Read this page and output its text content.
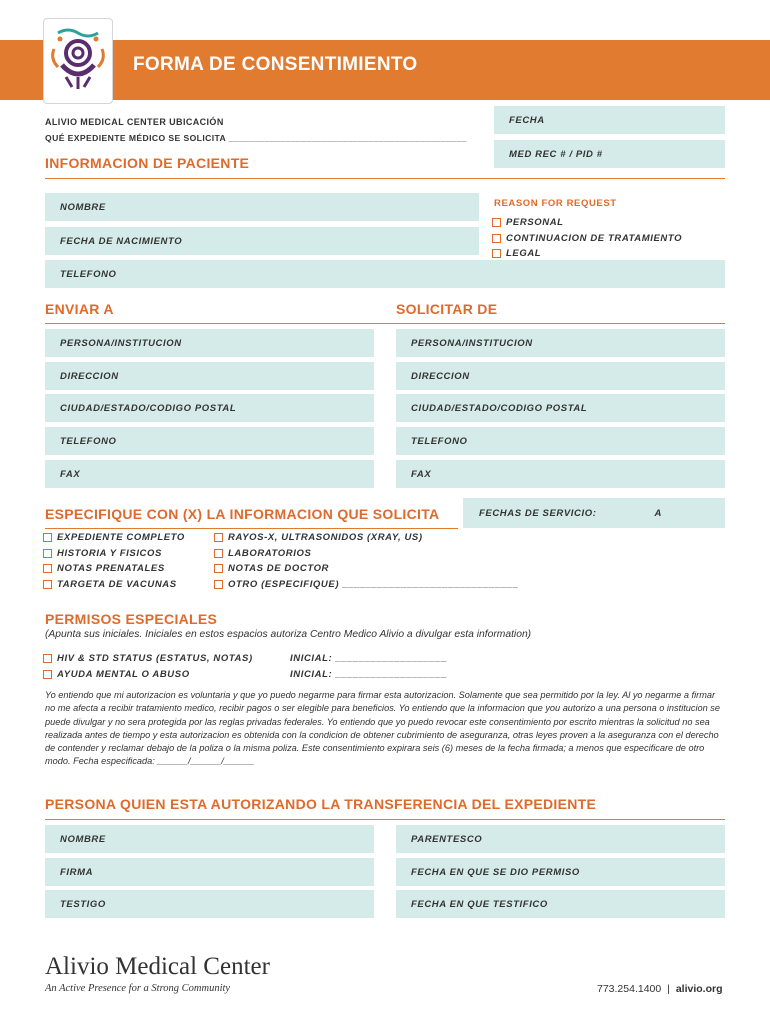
FORMA DE CONSENTIMIENTO
ALIVIO MEDICAL CENTER UBICACIÓN
QUÉ EXPEDIENTE MÉDICO SE SOLICITA ______________________________________________
FECHA
MED REC # / PID #
INFORMACION DE PACIENTE
NOMBRE
FECHA DE NACIMIENTO
TELEFONO
REASON FOR REQUEST
PERSONAL
CONTINUACION DE TRATAMIENTO
LEGAL
ENVIAR A	SOLICITAR DE
PERSONA/INSTITUCION
DIRECCION
CIUDAD/ESTADO/CODIGO POSTAL
TELEFONO
FAX
PERSONA/INSTITUCION
DIRECCION
CIUDAD/ESTADO/CODIGO POSTAL
TELEFONO
FAX
ESPECIFIQUE CON (X) LA INFORMACION QUE SOLICITA	FECHAS DE SERVICIO:	A
EXPEDIENTE COMPLETO
HISTORIA Y FISICOS
NOTAS PRENATALES
TARGETA DE VACUNAS
RAYOS-X, ULTRASONIDOS (XRAY, US)
LABORATORIOS
NOTAS DE DOCTOR
OTRO (ESPECIFIQUE) ______________________________
PERMISOS ESPECIALES
(Apunta sus iniciales. Iniciales en estos espacios autoriza Centro Medico Alivio a divulgar esta information)
HIV & STD STATUS (ESTATUS, NOTAS)
AYUDA MENTAL O ABUSO
INICIAL: ___________________
INICIAL: ___________________
Yo entiendo que mi autorizacion es voluntaria y que yo puedo negarme para firmar esta autorizacion. Solamente que sea permitido por la ley. Al yo negarme a firmar no me afecta a recibir tratamiento medico, recibir pagos o ser elegible para beneficios. Yo entiendo que la informacion que you autorizo a una persona o institucion se puede divulgar y no sera protegida por las reglas privadas federales. Yo entiendo que yo puedo revocar este consentimiento por escrito mientras la solicitud no sea realizada antes de tiempo y esta autorizacion es obtenida con la condicion de obtener cubrimiento de aseguranza, otras leyes proven a la aseguranza con el derecho de contender y reclamar debajo de la poliza o la misma poliza. Este consentimiento expirara seis (6) meses de la fecha firmada; a menos que especificare de otro modo. Fecha especificada: ______/______/______
PERSONA QUIEN ESTA AUTORIZANDO LA TRANSFERENCIA DEL EXPEDIENTE
NOMBRE
FIRMA
TESTIGO
PARENTESCO
FECHA EN QUE SE DIO PERMISO
FECHA EN QUE TESTIFICO
Alivio Medical Center
An Active Presence for a Strong Community	773.254.1400 | alivio.org
